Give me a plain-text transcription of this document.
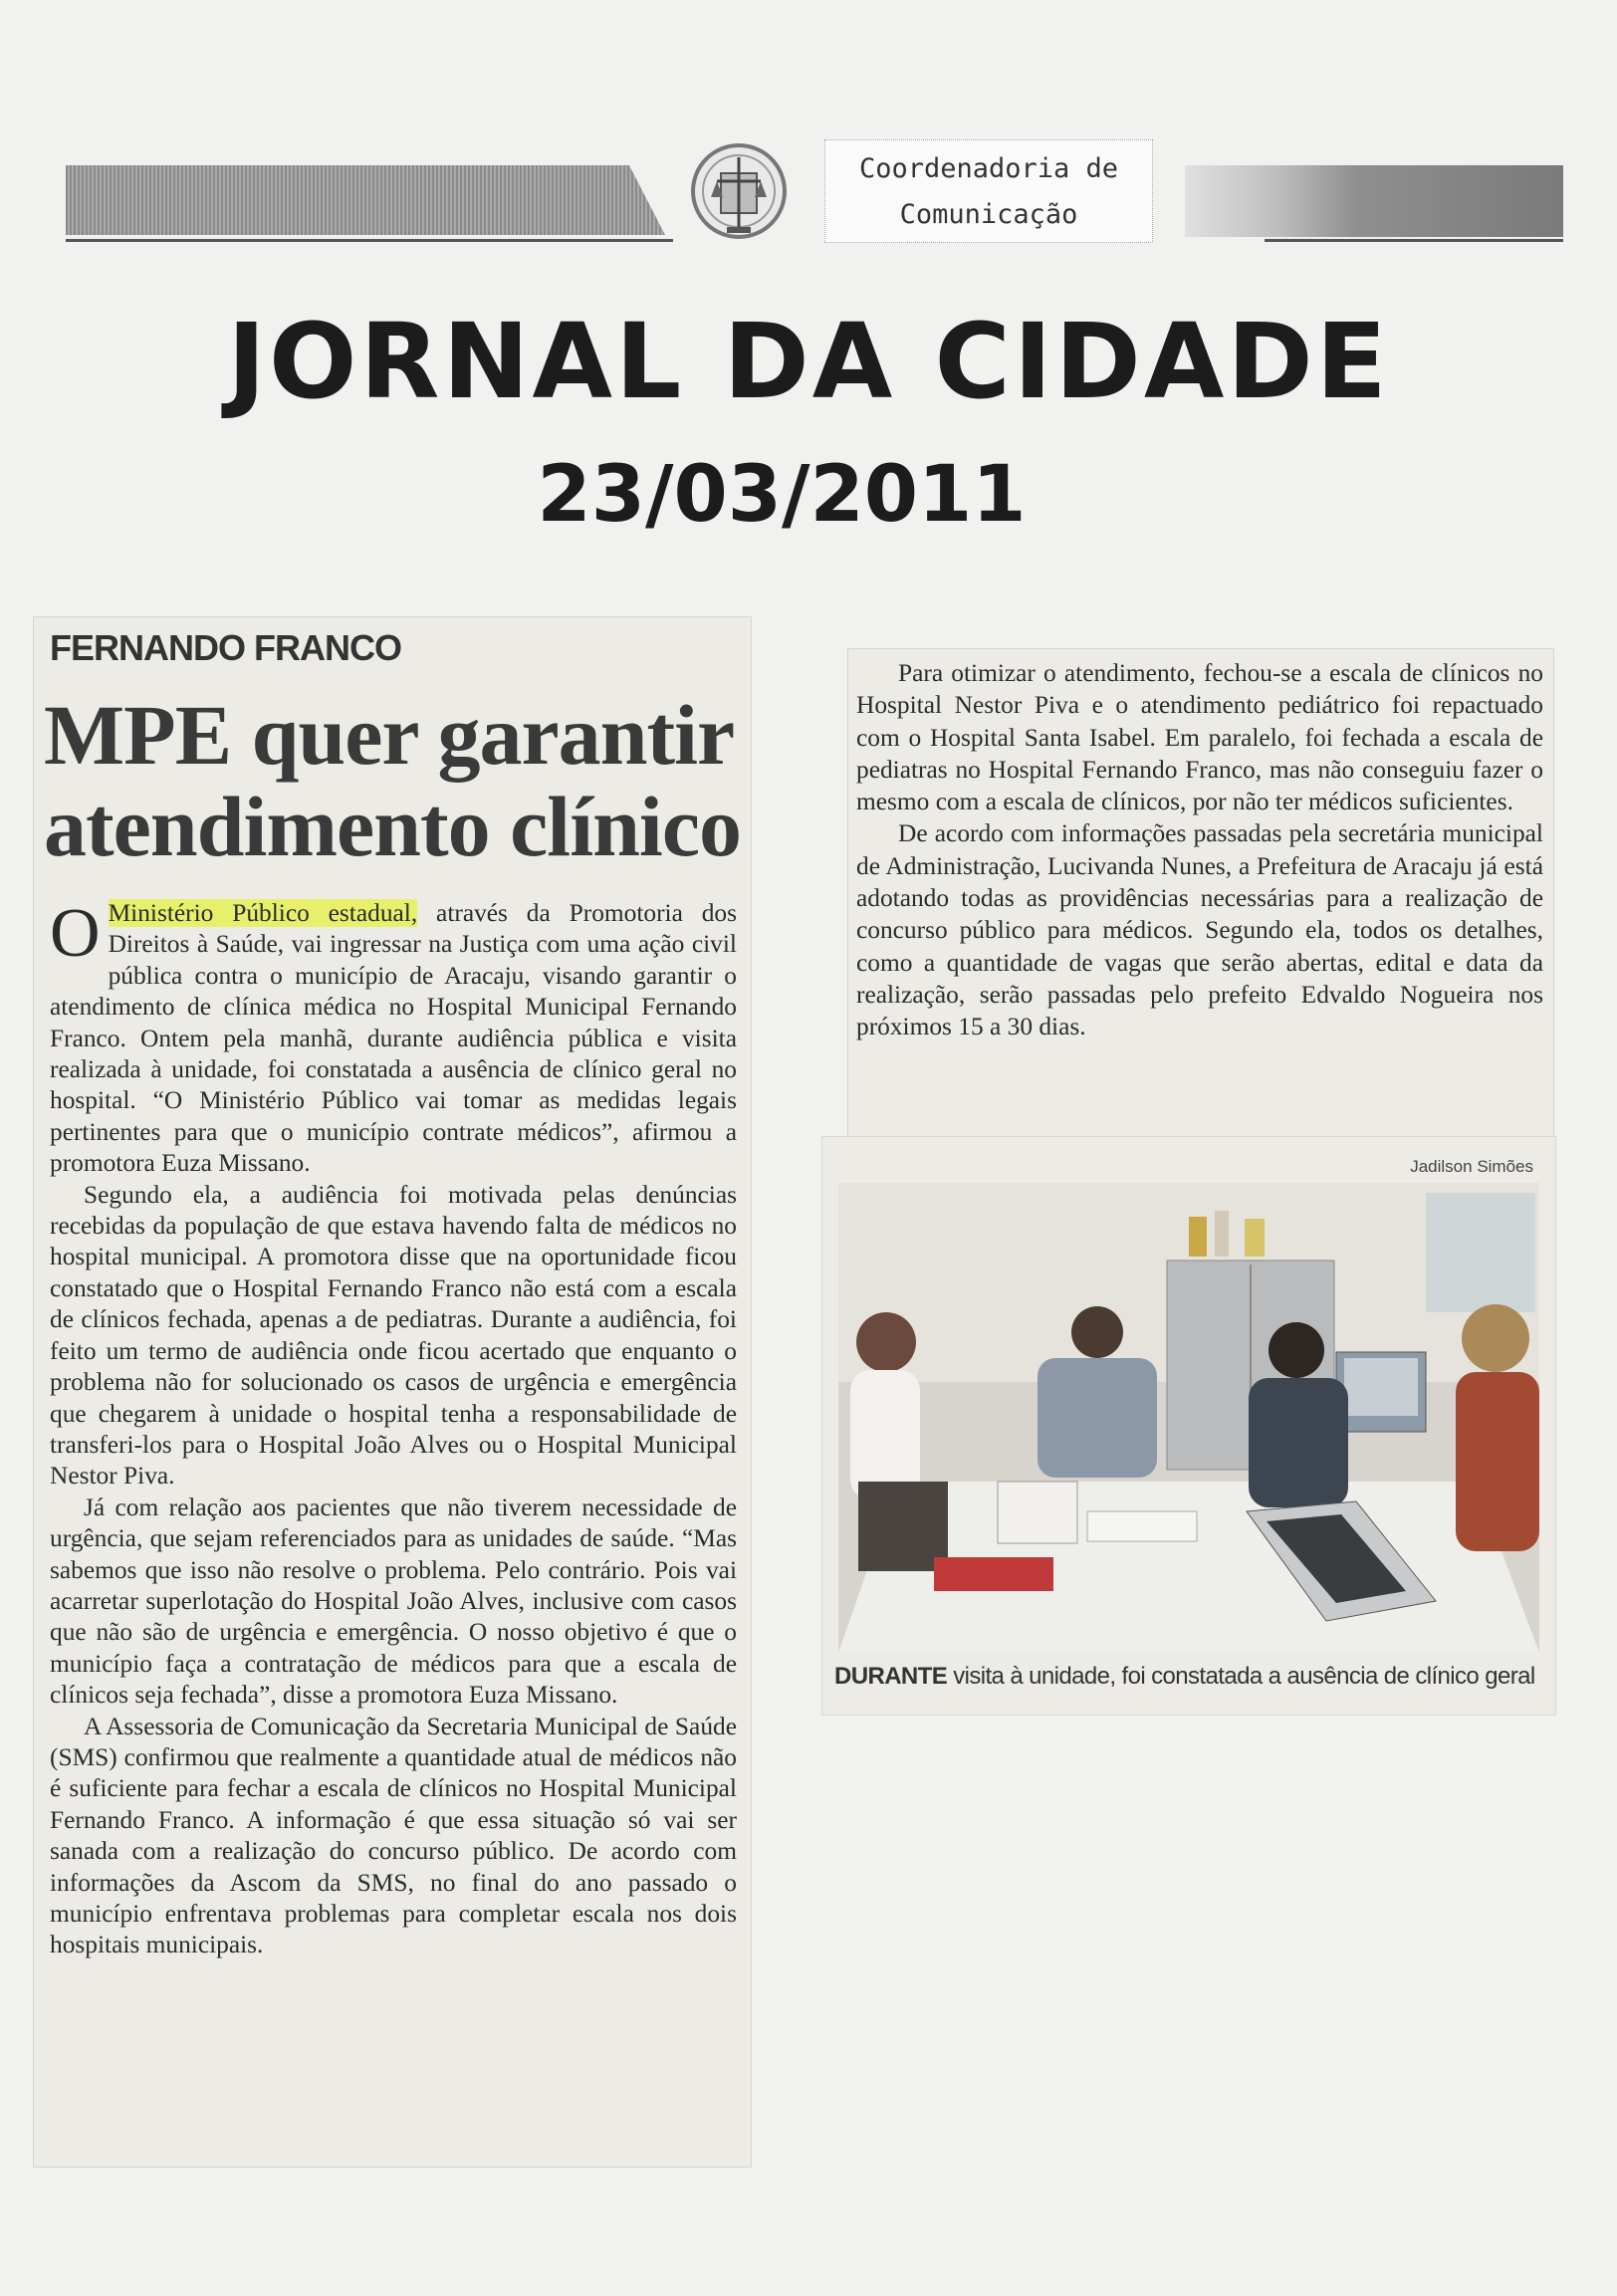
Coordenadoria de
Comunicação
JORNAL DA CIDADE
23/03/2011
FERNANDO FRANCO
MPE quer garantir atendimento clínico

O Ministério Público estadual, através da Promotoria dos Direitos à Saúde, vai ingressar na Justiça com uma ação civil pública contra o município de Aracaju, visando garantir o atendimento de clínica médica no Hospital Municipal Fernando Franco. Ontem pela manhã, durante audiência pública e visita realizada à unidade, foi constatada a ausência de clínico geral no hospital. “O Ministério Público vai tomar as medidas legais pertinentes para que o município contrate médicos”, afirmou a promotora Euza Missano.

Segundo ela, a audiência foi motivada pelas denúncias recebidas da população de que estava havendo falta de médicos no hospital municipal. A promotora disse que na oportunidade ficou constatado que o Hospital Fernando Franco não está com a escala de clínicos fechada, apenas a de pediatras. Durante a audiência, foi feito um termo de audiência onde ficou acertado que enquanto o problema não for solucionado os casos de urgência e emergência que chegarem à unidade o hospital tenha a responsabilidade de transferi-los para o Hospital João Alves ou o Hospital Municipal Nestor Piva.

Já com relação aos pacientes que não tiverem necessidade de urgência, que sejam referenciados para as unidades de saúde. “Mas sabemos que isso não resolve o problema. Pelo contrário. Pois vai acarretar superlotação do Hospital João Alves, inclusive com casos que não são de urgência e emergência. O nosso objetivo é que o município faça a contratação de médicos para que a escala de clínicos seja fechada”, disse a promotora Euza Missano.

A Assessoria de Comunicação da Secretaria Municipal de Saúde (SMS) confirmou que realmente a quantidade atual de médicos não é suficiente para fechar a escala de clínicos no Hospital Municipal Fernando Franco. A informação é que essa situação só vai ser sanada com a realização do concurso público. De acordo com informações da Ascom da SMS, no final do ano passado o município enfrentava problemas para completar escala nos dois hospitais municipais.

Para otimizar o atendimento, fechou-se a escala de clínicos no Hospital Nestor Piva e o atendimento pediátrico foi repactuado com o Hospital Santa Isabel. Em paralelo, foi fechada a escala de pediatras no Hospital Fernando Franco, mas não conseguiu fazer o mesmo com a escala de clínicos, por não ter médicos suficientes.

De acordo com informações passadas pela secretária municipal de Administração, Lucivanda Nunes, a Prefeitura de Aracaju já está adotando todas as providências necessárias para a realização de concurso público para médicos. Segundo ela, todos os detalhes, como a quantidade de vagas que serão abertas, edital e data da realização, serão passadas pelo prefeito Edvaldo Nogueira nos próximos 15 a 30 dias.

Jadilson Simões
DURANTE visita à unidade, foi constatada a ausência de clínico geral
